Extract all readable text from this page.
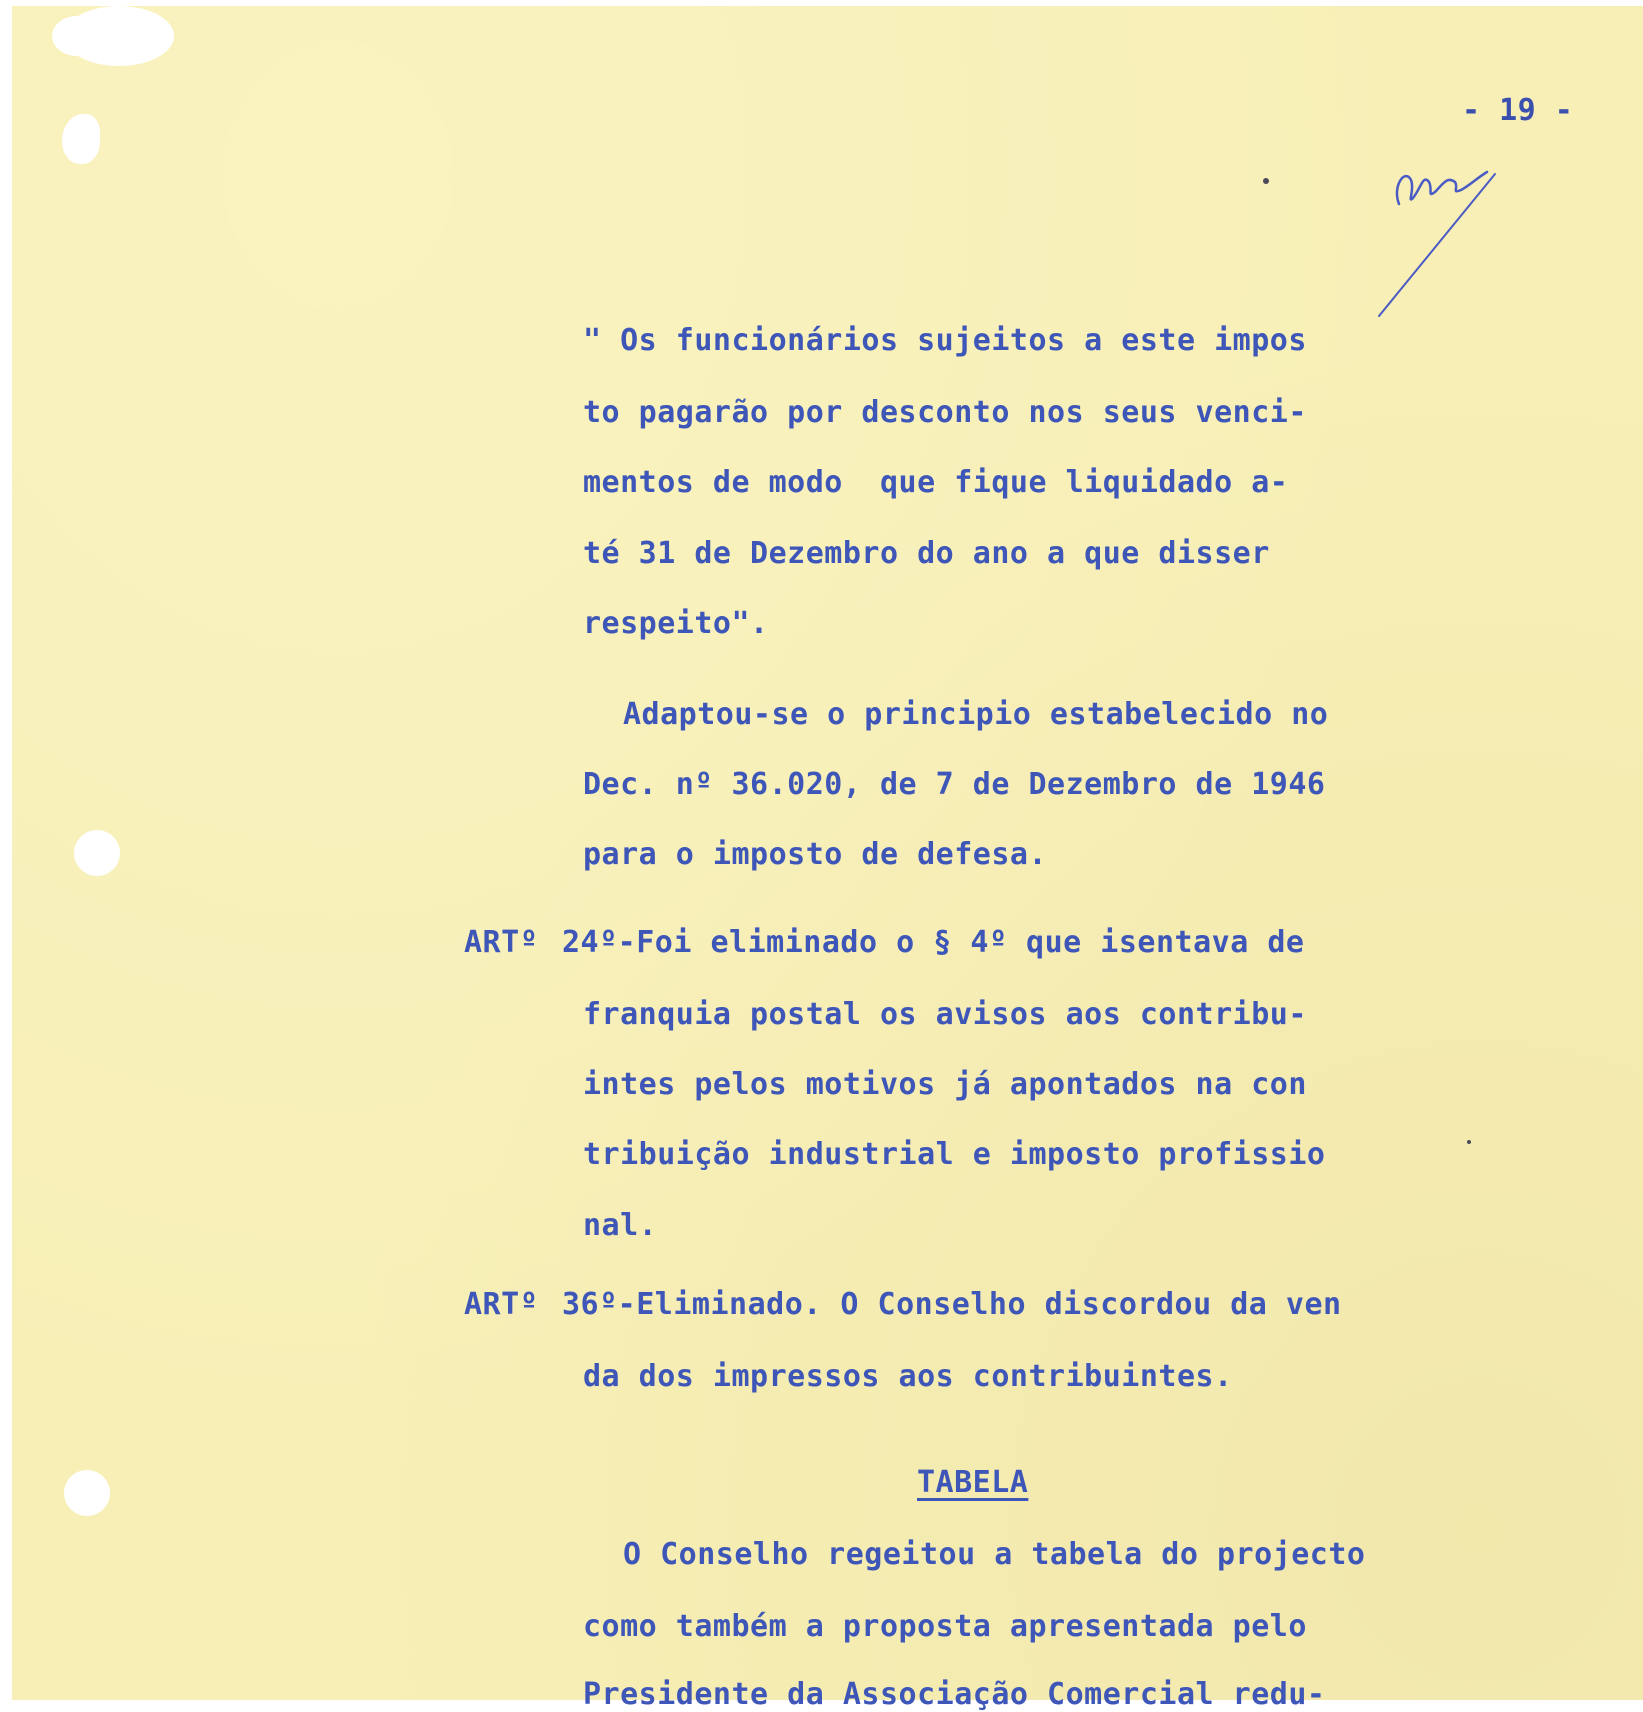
- 19 -

" Os funcionários sujeitos a este impos

to pagarão por desconto nos seus venci-

mentos de modo  que fique liquidado a-

té 31 de Dezembro do ano a que disser

respeito".

Adaptou-se o principio estabelecido no

Dec. nº 36.020, de 7 de Dezembro de 1946

para o imposto de defesa.

ARTº 24º-Foi eliminado o § 4º que isentava de

franquia postal os avisos aos contribu-

intes pelos motivos já apontados na con

tribuição industrial e imposto profissio

nal.

ARTº 36º-Eliminado. O Conselho discordou da ven

da dos impressos aos contribuintes.

TABELA

O Conselho regeitou a tabela do projecto

como também a proposta apresentada pelo

Presidente da Associação Comercial redu-
